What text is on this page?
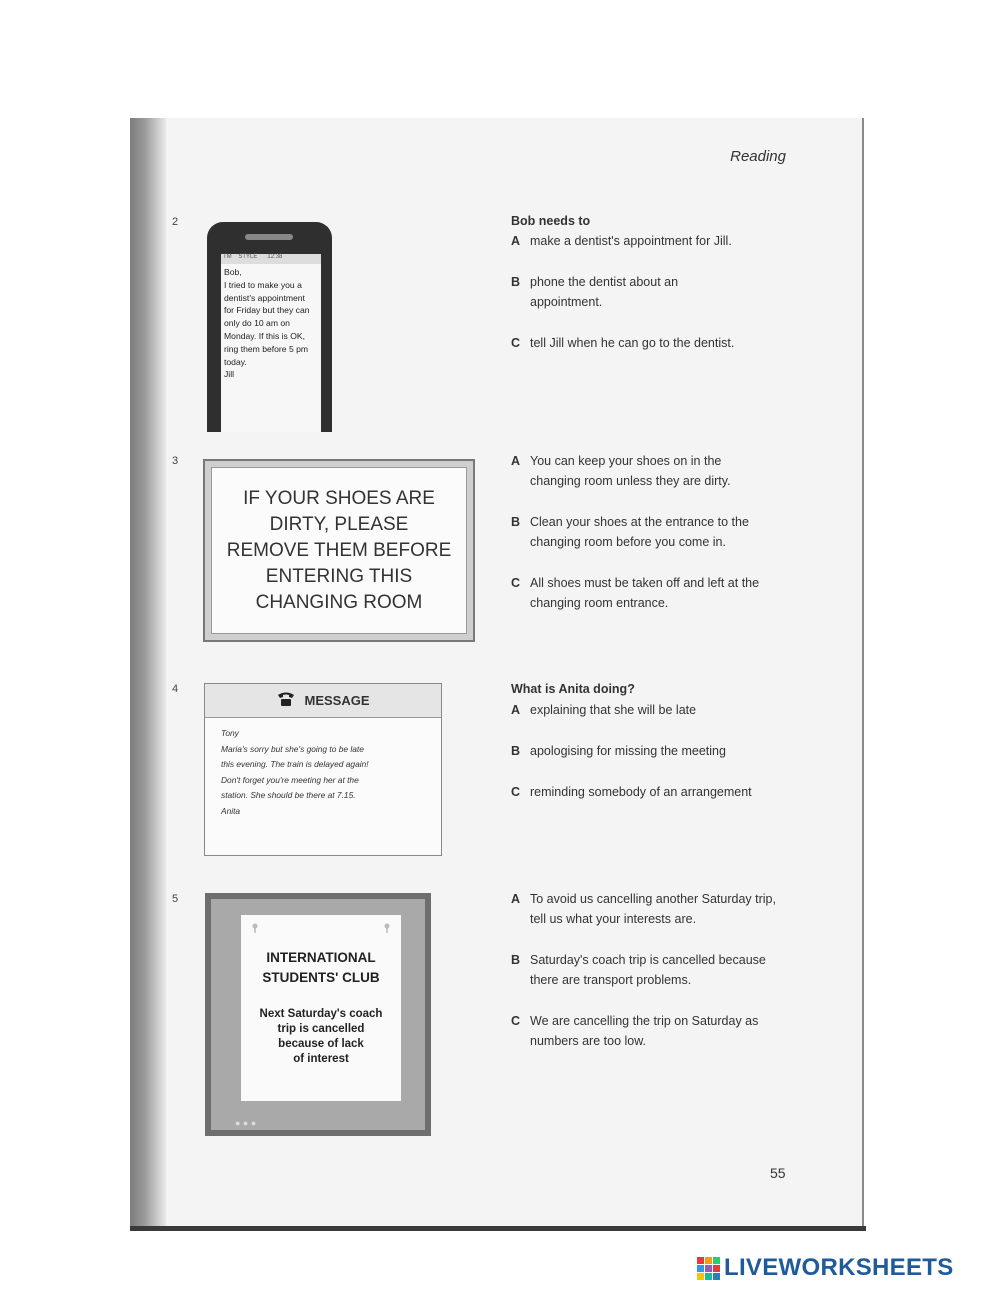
Reading
2
TM STYLE 12:38
Bob,
I tried to make you a
dentist's appointment
for Friday but they can
only do 10 am on
Monday. If this is OK,
ring them before 5 pm
today.
Jill
Bob needs to
A make a dentist's appointment for Jill.
B phone the dentist about an appointment.
C tell Jill when he can go to the dentist.
3
IF YOUR SHOES ARE
DIRTY, PLEASE
REMOVE THEM BEFORE
ENTERING THIS
CHANGING ROOM
A You can keep your shoes on in the changing room unless they are dirty.
B Clean your shoes at the entrance to the changing room before you come in.
C All shoes must be taken off and left at the changing room entrance.
4
MESSAGE
Tony
Maria's sorry but she's going to be late
this evening. The train is delayed again!
Don't forget you're meeting her at the
station. She should be there at 7.15.
Anita
What is Anita doing?
A explaining that she will be late
B apologising for missing the meeting
C reminding somebody of an arrangement
5
INTERNATIONAL
STUDENTS' CLUB
Next Saturday's coach
trip is cancelled
because of lack
of interest
● ● ●
A To avoid us cancelling another Saturday trip, tell us what your interests are.
B Saturday's coach trip is cancelled because there are transport problems.
C We are cancelling the trip on Saturday as numbers are too low.
55
LIVEWORKSHEETS
